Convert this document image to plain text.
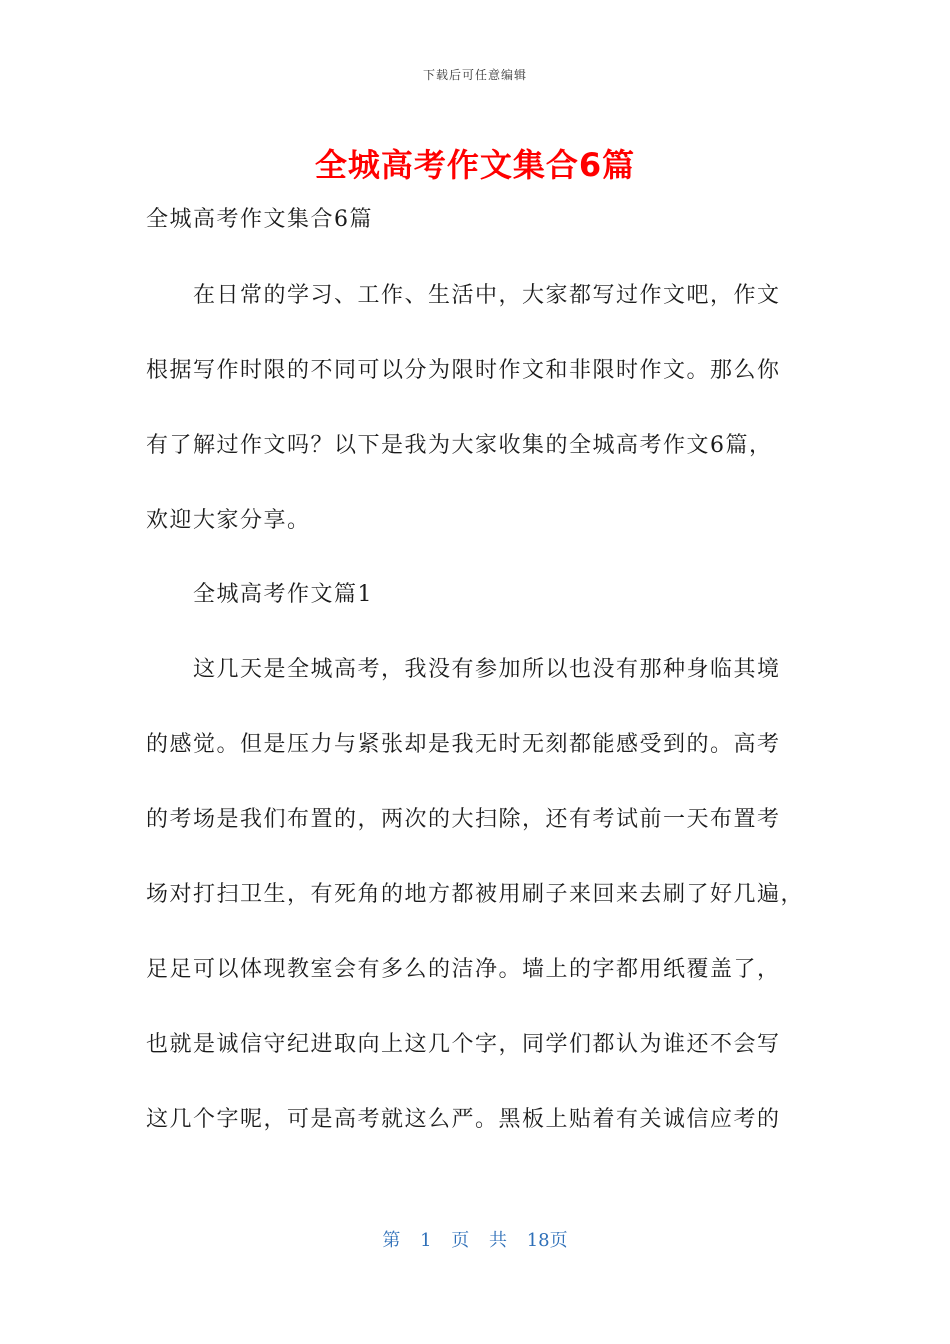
下载后可任意编辑
全城高考作文集合6篇
全城高考作文集合6篇
在日常的学习、工作、生活中，大家都写过作文吧，作文
根据写作时限的不同可以分为限时作文和非限时作文。那么你
有了解过作文吗？以下是我为大家收集的全城高考作文6篇，
欢迎大家分享。
全城高考作文篇1
这几天是全城高考，我没有参加所以也没有那种身临其境
的感觉。但是压力与紧张却是我无时无刻都能感受到的。高考
的考场是我们布置的，两次的大扫除，还有考试前一天布置考
场对打扫卫生，有死角的地方都被用刷子来回来去刷了好几遍，
足足可以体现教室会有多么的洁净。墙上的字都用纸覆盖了，
也就是诚信守纪进取向上这几个字，同学们都认为谁还不会写
这几个字呢，可是高考就这么严。黑板上贴着有关诚信应考的
第 1 页 共 18页
